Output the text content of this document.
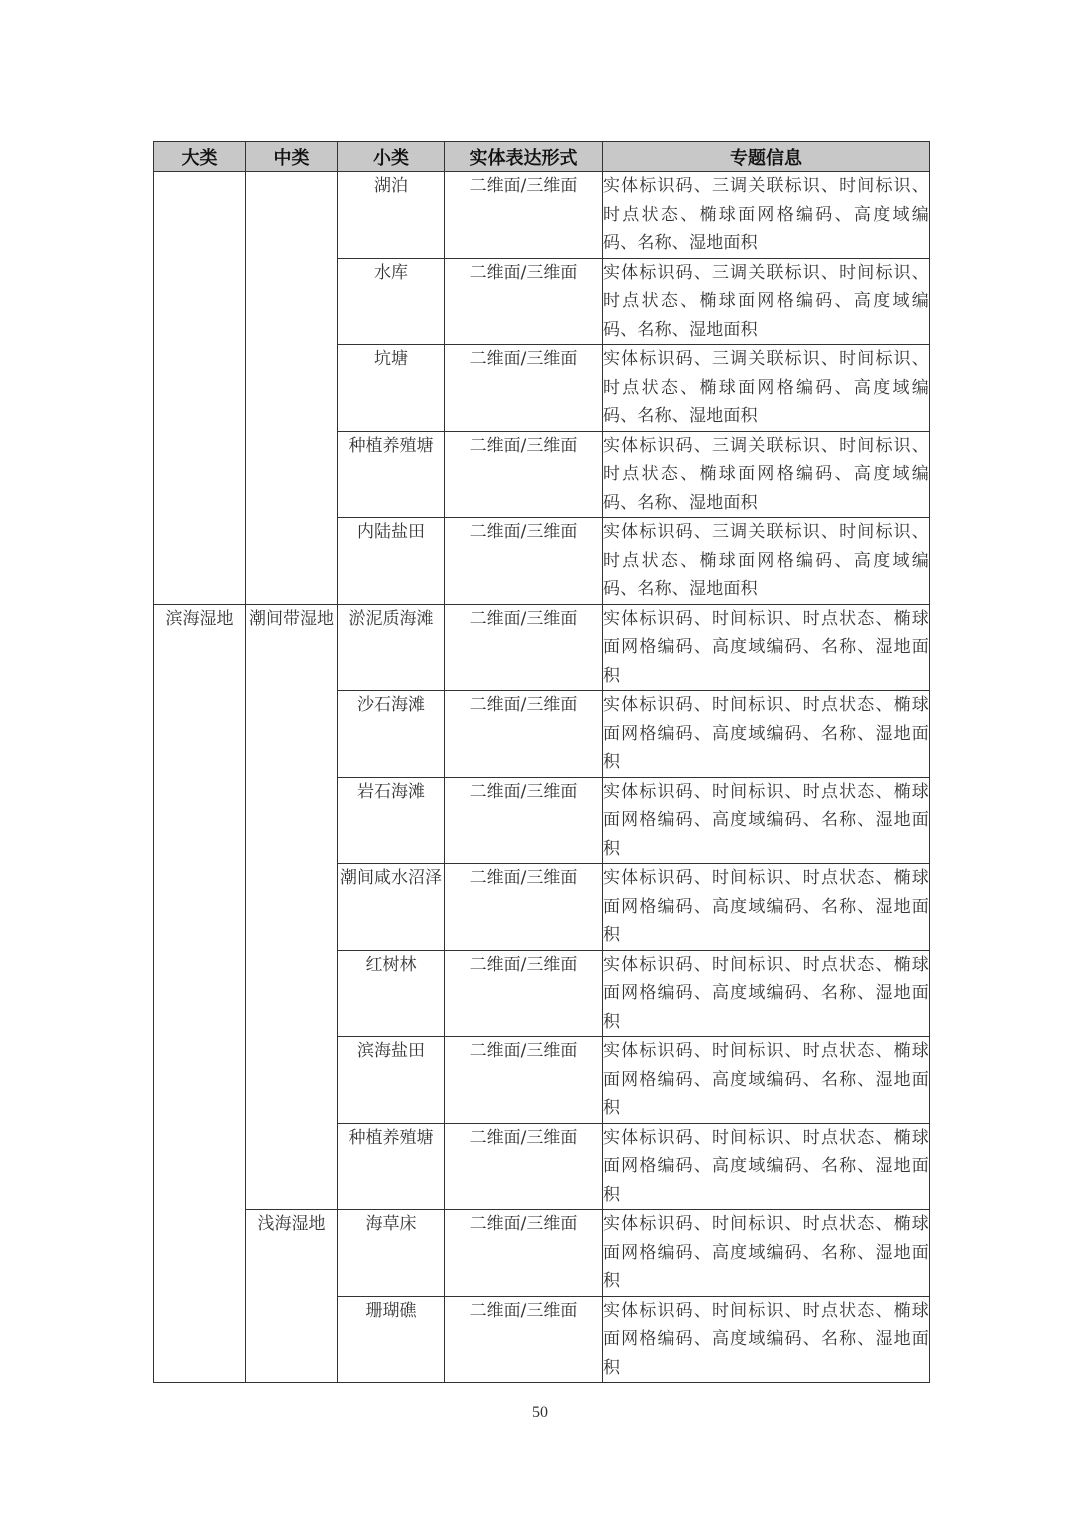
大类	中类	小类	实体表达形式	专题信息
		湖泊	二维面/三维面	实体标识码、三调关联标识、时间标识、时点状态、椭球面网格编码、高度域编码、名称、湿地面积
		水库	二维面/三维面	实体标识码、三调关联标识、时间标识、时点状态、椭球面网格编码、高度域编码、名称、湿地面积
		坑塘	二维面/三维面	实体标识码、三调关联标识、时间标识、时点状态、椭球面网格编码、高度域编码、名称、湿地面积
		种植养殖塘	二维面/三维面	实体标识码、三调关联标识、时间标识、时点状态、椭球面网格编码、高度域编码、名称、湿地面积
		内陆盐田	二维面/三维面	实体标识码、三调关联标识、时间标识、时点状态、椭球面网格编码、高度域编码、名称、湿地面积
滨海湿地	潮间带湿地	淤泥质海滩	二维面/三维面	实体标识码、时间标识、时点状态、椭球面网格编码、高度域编码、名称、湿地面积
		沙石海滩	二维面/三维面	实体标识码、时间标识、时点状态、椭球面网格编码、高度域编码、名称、湿地面积
		岩石海滩	二维面/三维面	实体标识码、时间标识、时点状态、椭球面网格编码、高度域编码、名称、湿地面积
		潮间咸水沼泽	二维面/三维面	实体标识码、时间标识、时点状态、椭球面网格编码、高度域编码、名称、湿地面积
		红树林	二维面/三维面	实体标识码、时间标识、时点状态、椭球面网格编码、高度域编码、名称、湿地面积
		滨海盐田	二维面/三维面	实体标识码、时间标识、时点状态、椭球面网格编码、高度域编码、名称、湿地面积
		种植养殖塘	二维面/三维面	实体标识码、时间标识、时点状态、椭球面网格编码、高度域编码、名称、湿地面积
	浅海湿地	海草床	二维面/三维面	实体标识码、时间标识、时点状态、椭球面网格编码、高度域编码、名称、湿地面积
		珊瑚礁	二维面/三维面	实体标识码、时间标识、时点状态、椭球面网格编码、高度域编码、名称、湿地面积
50
